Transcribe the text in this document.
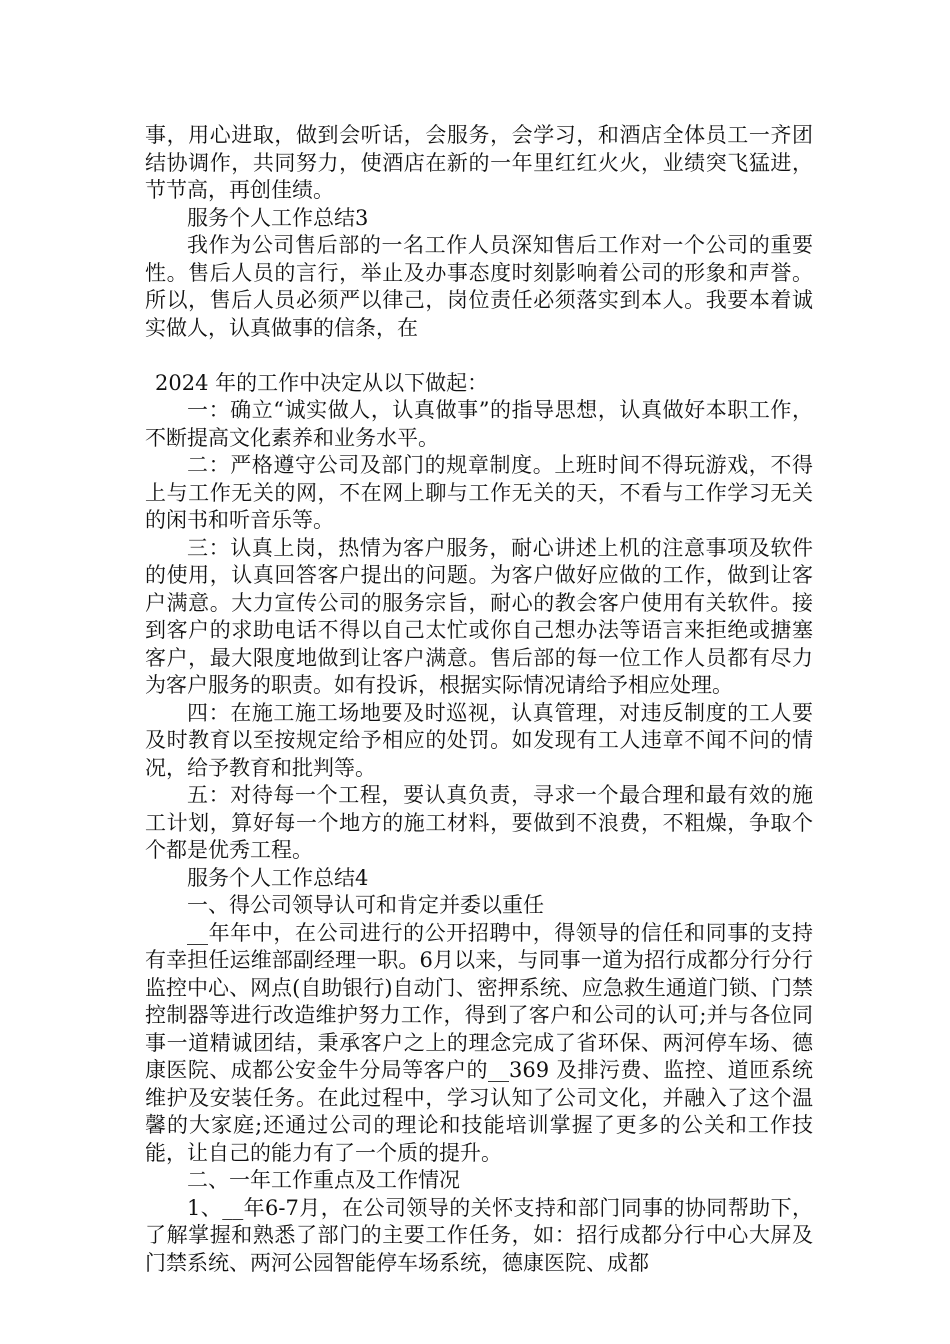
事，用心进取，做到会听话，会服务，会学习，和酒店全体员工一齐团结协调作，共同努力，使酒店在新的一年里红红火火，业绩突飞猛进，节节高，再创佳绩。

服务个人工作总结3

我作为公司售后部的一名工作人员深知售后工作对一个公司的重要性。售后人员的言行，举止及办事态度时刻影响着公司的形象和声誉。所以，售后人员必须严以律己，岗位责任必须落实到本人。我要本着诚实做人，认真做事的信条，在

2024 年的工作中决定从以下做起：

一：确立“诚实做人，认真做事”的指导思想，认真做好本职工作，不断提高文化素养和业务水平。

二：严格遵守公司及部门的规章制度。上班时间不得玩游戏，不得上与工作无关的网，不在网上聊与工作无关的天，不看与工作学习无关的闲书和听音乐等。

三：认真上岗，热情为客户服务，耐心讲述上机的注意事项及软件的使用，认真回答客户提出的问题。为客户做好应做的工作，做到让客户满意。大力宣传公司的服务宗旨，耐心的教会客户使用有关软件。接到客户的求助电话不得以自己太忙或你自己想办法等语言来拒绝或搪塞客户，最大限度地做到让客户满意。售后部的每一位工作人员都有尽力为客户服务的职责。如有投诉，根据实际情况请给予相应处理。

四：在施工施工场地要及时巡视，认真管理，对违反制度的工人要及时教育以至按规定给予相应的处罚。如发现有工人违章不闻不问的情况，给予教育和批判等。

五：对待每一个工程，要认真负责，寻求一个最合理和最有效的施工计划，算好每一个地方的施工材料，要做到不浪费，不粗燥，争取个个都是优秀工程。

服务个人工作总结4

一、得公司领导认可和肯定并委以重任

__年年中，在公司进行的公开招聘中，得领导的信任和同事的支持有幸担任运维部副经理一职。6月以来，与同事一道为招行成都分行分行监控中心、网点(自助银行)自动门、密押系统、应急救生通道门锁、门禁控制器等进行改造维护努力工作，得到了客户和公司的认可;并与各位同事一道精诚团结，秉承客户之上的理念完成了省环保、两河停车场、德康医院、成都公安金牛分局等客户的__369 及排污费、监控、道匝系统维护及安装任务。在此过程中，学习认知了公司文化，并融入了这个温馨的大家庭;还通过公司的理论和技能培训掌握了更多的公关和工作技能，让自己的能力有了一个质的提升。

二、一年工作重点及工作情况

1、__年6-7月，在公司领导的关怀支持和部门同事的协同帮助下，了解掌握和熟悉了部门的主要工作任务，如：招行成都分行中心大屏及门禁系统、两河公园智能停车场系统，德康医院、成都
